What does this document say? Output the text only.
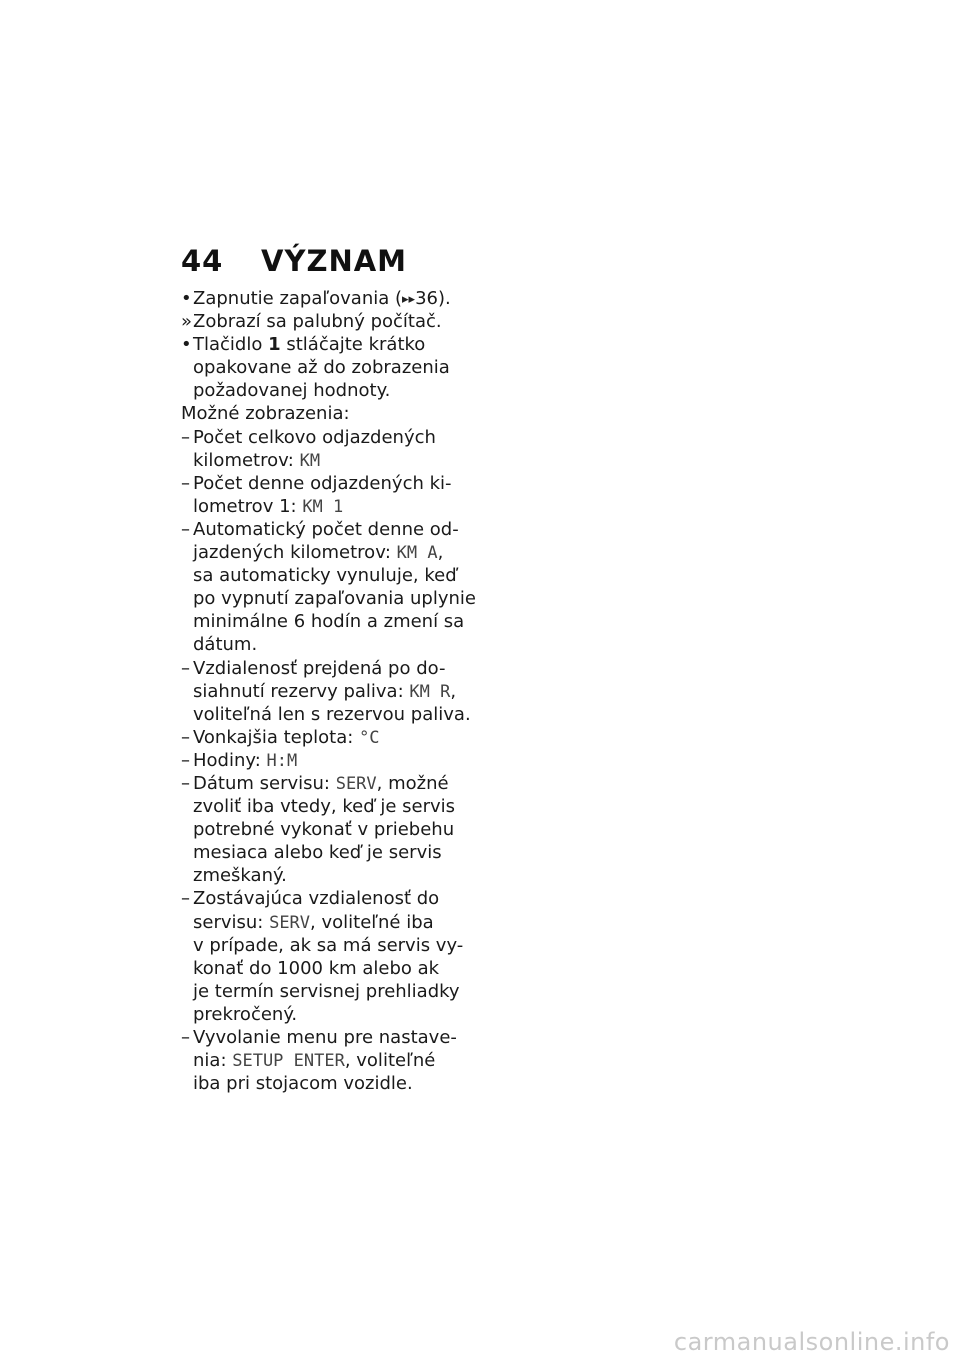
44 VÝZNAM
• Zapnutie zapaľovania (▸▸36).
» Zobrazí sa palubný počítač.
• Tlačidlo 1 stláčajte krátko
opakovane až do zobrazenia
požadovanej hodnoty.
Možné zobrazenia:
– Počet celkovo odjazdených
kilometrov: KM
– Počet denne odjazdených ki-
lometrov 1: KM 1
– Automatický počet denne od-
jazdených kilometrov: KM A,
sa automaticky vynuluje, keď
po vypnutí zapaľovania uplynie
minimálne 6 hodín a zmení sa
dátum.
– Vzdialenosť prejdená po do-
siahnutí rezervy paliva: KM R,
voliteľná len s rezervou paliva.
– Vonkajšia teplota: °C
– Hodiny: H:M
– Dátum servisu: SERV, možné
zvoliť iba vtedy, keď je servis
potrebné vykonať v priebehu
mesiaca alebo keď je servis
zmeškaný.
– Zostávajúca vzdialenosť do
servisu: SERV, voliteľné iba
v prípade, ak sa má servis vy-
konať do 1000 km alebo ak
je termín servisnej prehliadky
prekročený.
– Vyvolanie menu pre nastave-
nia: SETUP ENTER, voliteľné
iba pri stojacom vozidle.
carmanualsonline.info
